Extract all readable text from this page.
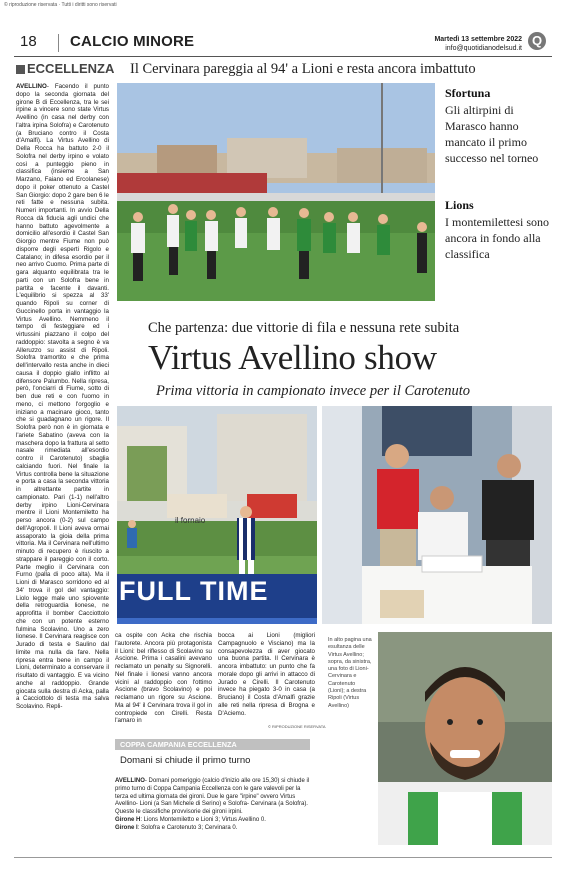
© riproduzione riservata · Tutti i diritti sono riservati
18 CALCIO MINORE	Martedì 13 settembre 2022
info@quotidianodelsud.it
Q
ECCELLENZA Il Cervinara pareggia al 94' a Lioni e resta ancora imbattuto
AVELLINO- Facendo il punto dopo la seconda giornata del girone B di Eccellenza, tra le sei irpine a vincere sono state Virtus Avellino (in casa nel derby con l'altra irpina Solofra) e Carotenuto (a Bruciano contro il Costa d'Amalfi). La Virtus Avellino di Della Rocca ha battuto 2-0 il Solofra nel derby irpino e volato così a punteggio pieno in classifica (insieme a San Marzano, Faiano ed Ercolanese) dopo il poker ottenuto a Castel San Giorgio: dopo 2 gare ben 6 le reti fatte e nessuna subita. Numeri importanti. In avvio Della Rocca dà fiducia agli undici che hanno battuto agevolmente a domicilio all'esordio il Castel San Giorgio mentre Fiume non può disporre degli esperti Rigolo e Catalano; in difesa esordio per il neo arrivo Cuomo. Prima parte di gara alquanto equilibrata tra le parti con un Solofra bene in partita e facente il davanti. L'equilibrio si spezza al 33' quando Ripoli su corner di Guccinello porta in vantaggio la Virtus Avellino. Nemmeno il tempo di festeggiare ed i virtussini piazzano il colpo del raddoppio: stavolta a segno è va Alleruzzo su assist di Ripoli. Solofra tramortito e che prima dell'intervallo resta anche in dieci causa il doppio giallo inflitto al difensore Palumbo. Nella ripresa, però, l'onciarri di Fiume, sotto di ben due reti e con l'uomo in meno, ci mettono l'orgoglio e iniziano a macinare gioco, tanto che si guadagnano un rigore. Il Solofra però non è in giornata e l'ariete Sabatino (aveva con la maschera dopo la frattura al setto nasale rimediata all'esordio contro il Carotenuto) sbaglia calciando fuori. Nel finale la Virtus controlla bene la situazione e porta a casa la seconda vittoria in altrettante partite in campionato. Pari (1-1) nell'altro derby irpino Lioni-Cervinara mentre il Lioni Montemiletto ha perso ancora (0-2) sul campo dell'Agropoli. Il Lioni aveva ormai assaporato la gioia della prima vittoria. Ma il Cervinara nell'ultimo minuto di recupero è riuscito a strappare il pareggio con il corto. Parte meglio il Cervinara con Furno (palla di poco alta). Ma il Lioni di Marasco sorridono ed al 34' trova il gol del vantaggio: Liolo legge male uno spiovente della retroguardia lionese, ne approfitta il bomber Cacciottolo che con un potente esterno fulmina Scolavino. Uno a zero lionese. Il Cervinara reagisce con Jurado di testa e Saulino dal limite ma nulla da fare. Nella ripresa entra bene in campo il Lioni, determinato a conservare il risultato di vantaggio. E va vicino anche al raddoppio. Grande giocata sulla destra di Acka, palla a Cacciottolo di testa ma salva Scolavino. Repli-
Sfortuna
Gli altirpini di Marasco hanno mancato il primo successo nel torneo
Lions
I montemilettesi sono ancora in fondo alla classifica
Che partenza: due vittorie di fila e nessuna rete subita
Virtus Avellino show
Prima vittoria in campionato invece per il Carotenuto
FULL TIME
il fornaio
ca ospite con Acka che rischia l'autorete. Ancora più protagonista il Lioni: bel riflesso di Scolavino su Ascione. Prima i casalini avevano reclamato un penalty su Signorelli. Nel finale i lionesi vanno ancora vicini al raddoppio con l'ottimo Ascione (bravo Scolavino) e poi reclamano un rigore su Ascione. Ma al 94' il Cervinara trova il gol in contropiede con Cirelli. Resta l'amaro in
bocca ai Lioni (migliori Campagnuolo e Visciano) ma la consapevolezza di aver giocato una buona partita. Il Cervinara è ancora imbattuto: un punto che fa morale dopo gli arrivi in attacco di Jurado e Cirelli. Il Carotenuto invece ha piegato 3-0 in casa (a Bruciano) il Costa d'Amalfi grazie alle reti nella ripresa di Brogna e D'Aciemo.
© RIPRODUZIONE RISERVATA
In alto pagina una esultanza delle Virtus Avellino; sopra, da sinistra, una foto di Lioni- Cervinara e Carotenuto (Lioni); a destra Ripoli (Virtus Avellino)
COPPA CAMPANIA ECCELLENZA
Domani si chiude il primo turno
AVELLINO- Domani pomeriggio (calcio d'inizio alle ore 15,30) si chiude il primo turno di Coppa Campania Eccellenza con le gare valevoli per la terza ed ultima giornata dei gironi. Due le gare "irpine" ovvero Virtus Avellino- Lioni (a San Michele di Serino) e Solofra- Cervinara (a Solofra). Queste le classifiche provvisorie dei gironi irpini.
Girone H: Lions Montemiletto e Lioni 3; Virtus Avellino 0.
Girone I: Solofra e Carotenuto 3; Cervinara 0.
